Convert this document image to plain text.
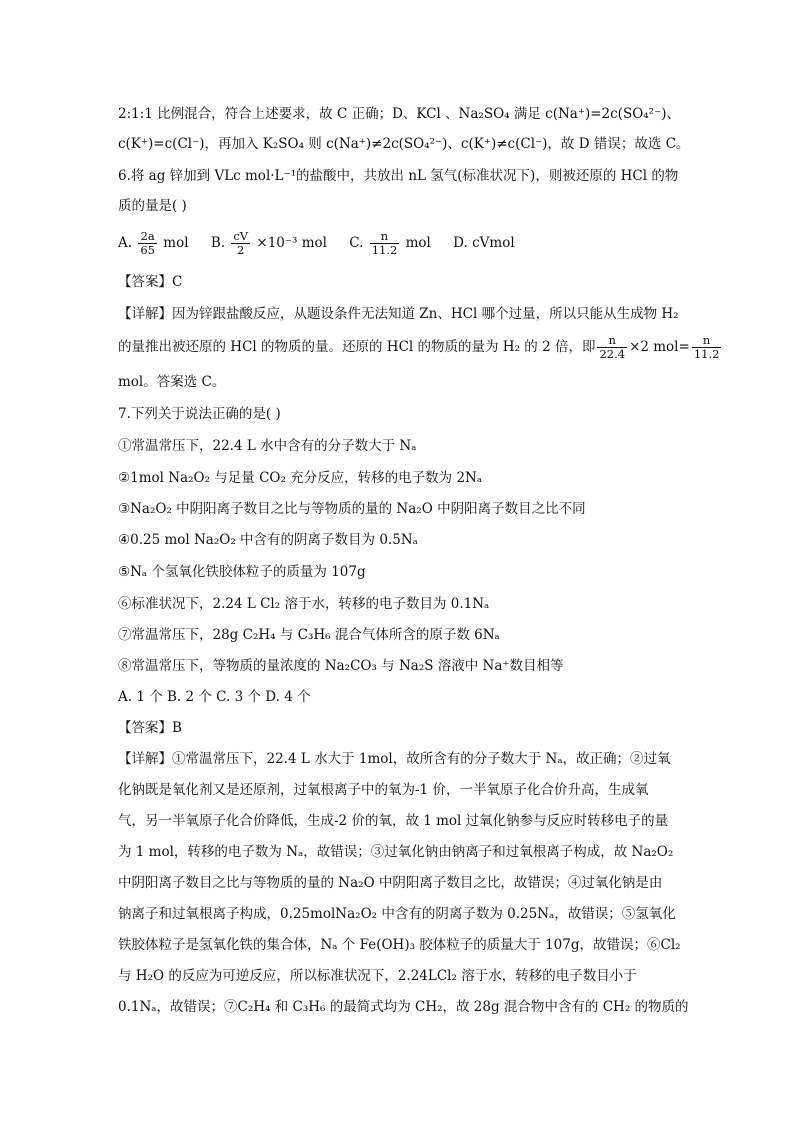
2:1:1 比例混合，符合上述要求，故 C 正确；D、KCl 、Na₂SO₄ 满足 c(Na⁺)=2c(SO₄²⁻)、
c(K⁺)=c(Cl⁻)，再加入 K₂SO₄ 则 c(Na⁺)≠2c(SO₄²⁻)、c(K⁺)≠c(Cl⁻)，故 D 错误；故选 C。
6.将 ag 锌加到 VLc mol·L⁻¹的盐酸中，共放出 nL 氢气(标准状况下)，则被还原的 HCl 的物
质的量是( )
A. $\frac{2a}{65}$ mol B. $\frac{cV}{2} \times 10^{-3}$ mol C. $\frac{n}{11.2}$ mol D. cVmol
【答案】C
【详解】因为锌跟盐酸反应，从题设条件无法知道 Zn、HCl 哪个过量，所以只能从生成物 H₂
的量推出被还原的 HCl 的物质的量。还原的 HCl 的物质的量为 H₂ 的 2 倍，即 $\frac{n}{22.4} \times 2$ $mol= \frac{n}{11.2}$
mol。答案选 C。
7.下列关于说法正确的是( )
①常温常压下，22.4 L 水中含有的分子数大于 Nₐ
②1mol Na₂O₂ 与足量 CO₂ 充分反应，转移的电子数为 2Nₐ
③Na₂O₂ 中阴阳离子数目之比与等物质的量的 Na₂O 中阴阳离子数目之比不同
④0.25 mol Na₂O₂ 中含有的阴离子数目为 0.5Nₐ
⑤Nₐ 个氢氧化铁胶体粒子的质量为 107g
⑥标准状况下，2.24 L Cl₂ 溶于水，转移的电子数目为 0.1Nₐ
⑦常温常压下，28g C₂H₄ 与 C₃H₆ 混合气体所含的原子数 6Nₐ
⑧常温常压下，等物质的量浓度的 Na₂CO₃ 与 Na₂S 溶液中 Na⁺数目相等
A. 1 个 B. 2 个 C. 3 个 D. 4 个
【答案】B
【详解】①常温常压下，22.4 L 水大于 1mol，故所含有的分子数大于 Nₐ，故正确；②过氧
化钠既是氧化剂又是还原剂，过氧根离子中的氧为-1 价，一半氧原子化合价升高，生成氧
气，另一半氧原子化合价降低，生成-2 价的氧，故 1 mol 过氧化钠参与反应时转移电子的量
为 1 mol，转移的电子数为 Nₐ，故错误；③过氧化钠由钠离子和过氧根离子构成，故 Na₂O₂
中阴阳离子数目之比与等物质的量的 Na₂O 中阴阳离子数目之比，故错误；④过氧化钠是由
钠离子和过氧根离子构成，0.25molNa₂O₂ 中含有的阴离子数为 0.25Nₐ，故错误；⑤氢氧化
铁胶体粒子是氢氧化铁的集合体，Nₐ 个 Fe(OH)₃ 胶体粒子的质量大于 107g，故错误；⑥Cl₂
与 H₂O 的反应为可逆反应，所以标准状况下，2.24LCl₂ 溶于水，转移的电子数目小于
0.1Nₐ，故错误；⑦C₂H₄ 和 C₃H₆ 的最简式均为 CH₂，故 28g 混合物中含有的 CH₂ 的物质的
